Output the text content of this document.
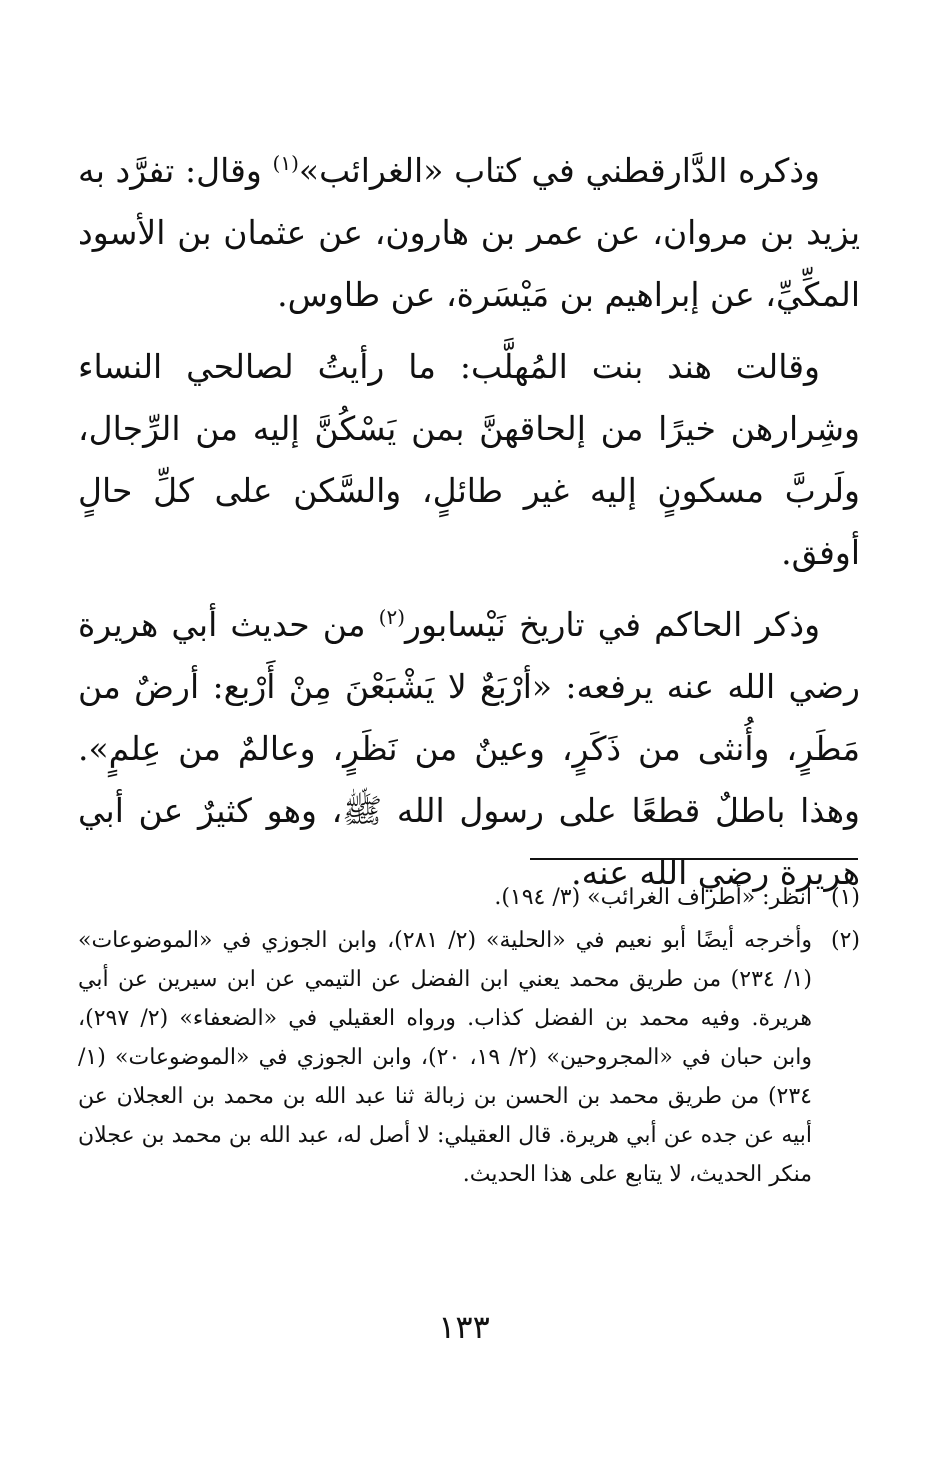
وذكره الدَّارقطني في كتاب «الغرائب»$^{(١)}$ وقال: تفرَّد به يزيد بن مروان، عن عمر بن هارون، عن عثمان بن الأسود المكِّيِّ، عن إبراهيم بن مَيْسَرة، عن طاوس.

وقالت هند بنت المُهلَّب: ما رأيتُ لصالحي النساء وشِرارهن خيرًا من إلحاقهنَّ بمن يَسْكُنَّ إليه من الرِّجال، ولَربَّ مسكونٍ إليه غير طائلٍ، والسَّكن على كلِّ حالٍ أوفق.

وذكر الحاكم في تاريخ نَيْسابور$^{(٢)}$ من حديث أبي هريرة رضي الله عنه يرفعه: «أرْبَعٌ لا يَشْبَعْنَ مِنْ أَرْبع: أرضٌ من مَطَرٍ، وأُنثى من ذَكَرٍ، وعينٌ من نَظَرٍ، وعالمٌ من عِلمٍ». وهذا باطلٌ قطعًا على رسول الله ﷺ، وهو كثيرٌ عن أبي هريرة رضي الله عنه.

(١)
انظر: «أطراف الغرائب» (٣/ ١٩٤).
(٢)
وأخرجه أيضًا أبو نعيم في «الحلية» (٢/ ٢٨١)، وابن الجوزي في «الموضوعات» (١/ ٢٣٤) من طريق محمد يعني ابن الفضل عن التيمي عن ابن سيرين عن أبي هريرة. وفيه محمد بن الفضل كذاب. ورواه العقيلي في «الضعفاء» (٢/ ٢٩٧)، وابن حبان في «المجروحين» (٢/ ١٩، ٢٠)، وابن الجوزي في «الموضوعات» (١/ ٢٣٤) من طريق محمد بن الحسن بن زبالة ثنا عبد الله بن محمد بن العجلان عن أبيه عن جده عن أبي هريرة. قال العقيلي: لا أصل له، عبد الله بن محمد بن عجلان منكر الحديث، لا يتابع على هذا الحديث.
١٣٣
